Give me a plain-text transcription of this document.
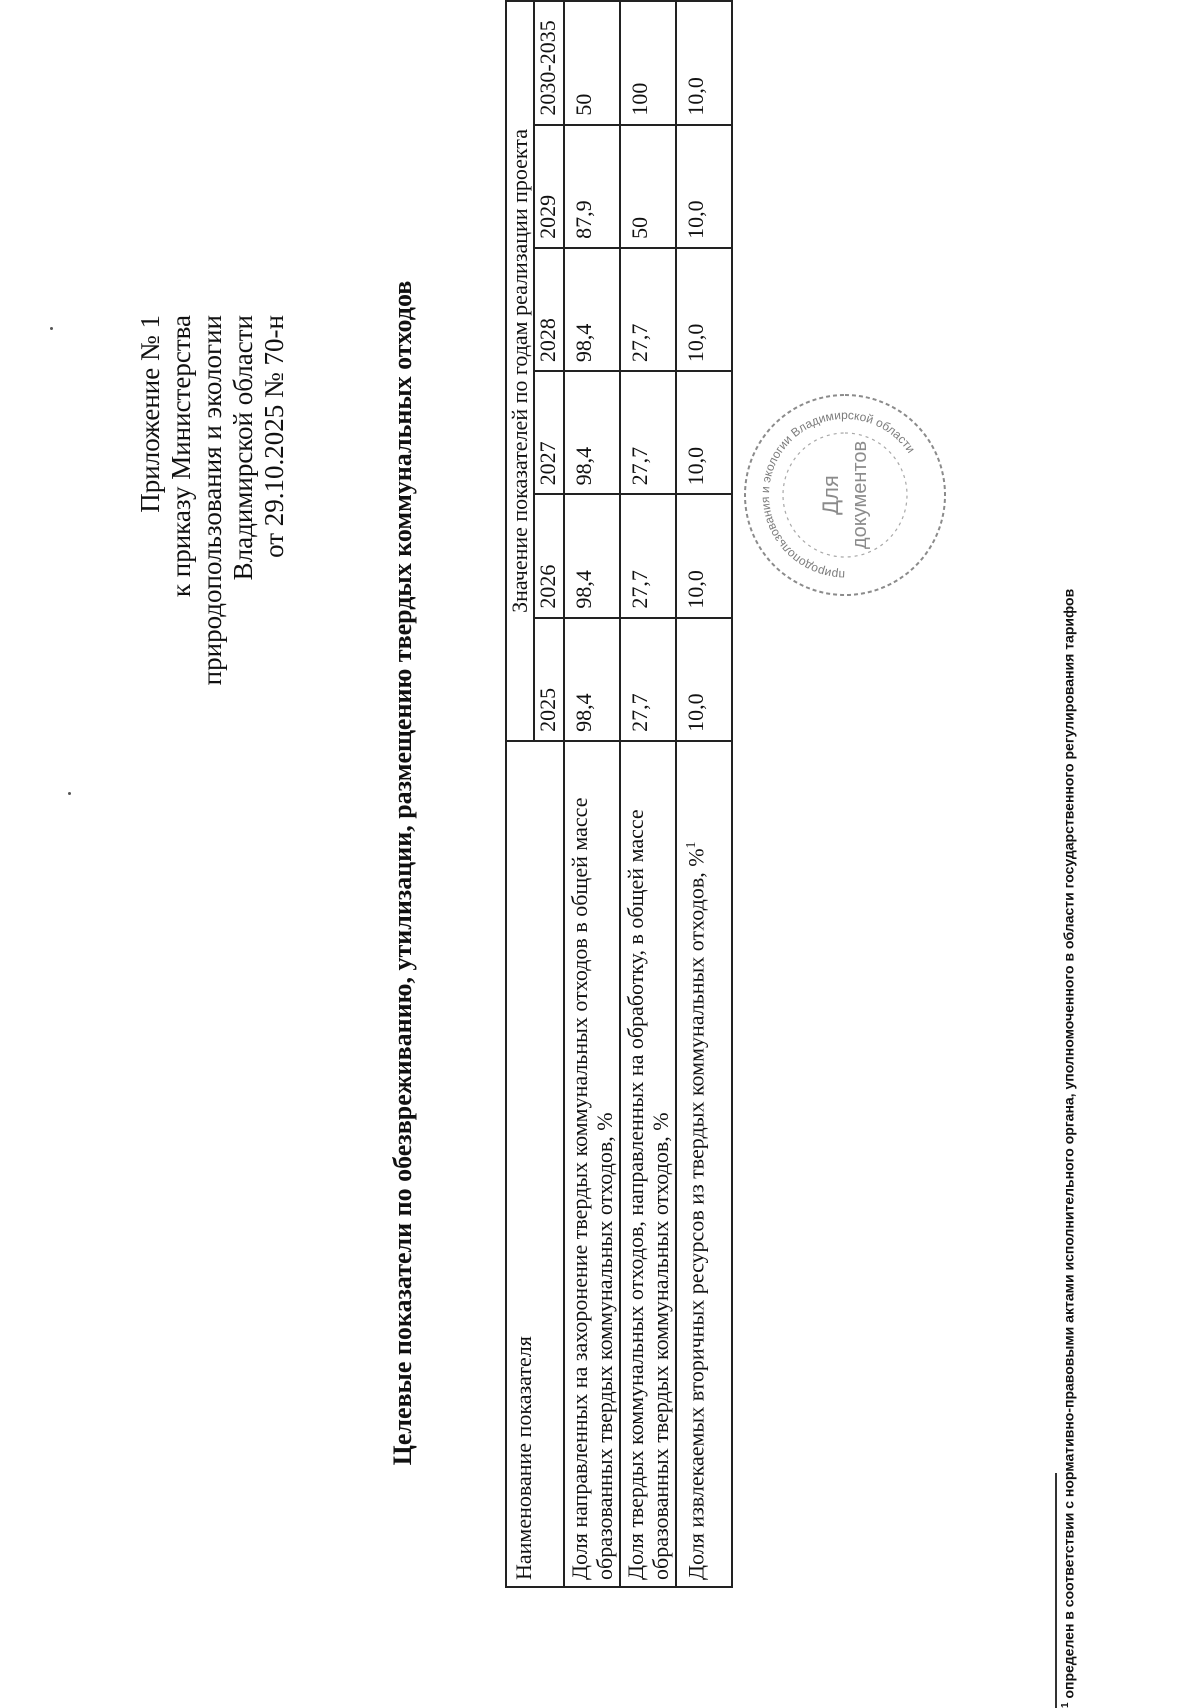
Приложение № 1 к приказу Министерства природопользования и экологии Владимирской области от 29.10.2025 № 70-н	Целевые показатели по обезвреживанию, утилизации, размещению твердых коммунальных отходов	Наименование показателя	Значение показателей по годам реализации проекта					
	2025	2026	2027	2028	2029	2030-2035
Доля направленных на захоронение твердых коммунальных отходов в общей массе образованных твердых коммунальных отходов, %	98,4	98,4	98,4	98,4	87,9	50
Доля твердых коммунальных отходов, направленных на обработку, в общей массе образованных твердых коммунальных отходов, %	27,7	27,7	27,7	27,7	50	100
Доля извлекаемых вторичных ресурсов из твердых коммунальных отходов, %$^1$	10,0	10,0	10,0	10,0	10,0	10,0
природопользования и экологии Владимирской области
Для документов
$^1$ определен в соответствии с нормативно-правовыми актами исполнительного органа, уполномоченного в области государственного регулирования тарифов
